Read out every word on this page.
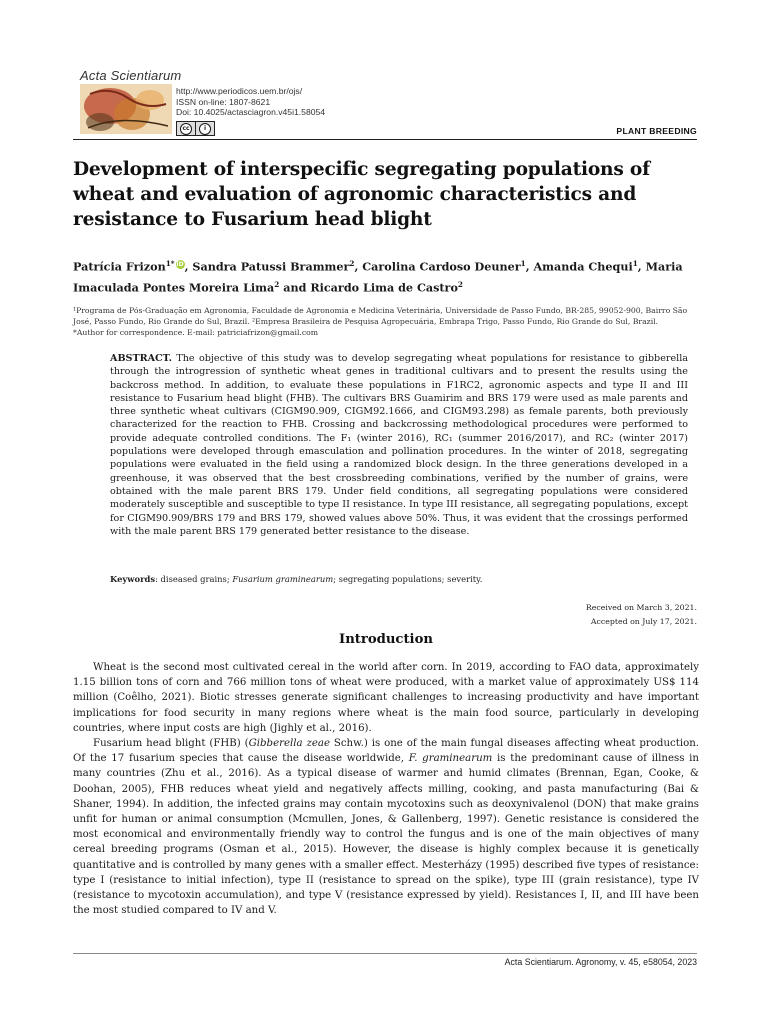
Acta Scientiarum
http://www.periodicos.uem.br/ojs/
ISSN on-line: 1807-8621
Doi: 10.4025/actasciagron.v45i1.58054
cc	i	PLANT BREEDING
Development of interspecific segregating populations of wheat and evaluation of agronomic characteristics and resistance to Fusarium head blight
Patrícia Frizon$^{1*}$ iD, Sandra Patussi Brammer$^2$, Carolina Cardoso Deuner$^1$, Amanda Chequi$^1$, Maria Imaculada Pontes Moreira Lima$^2$ and Ricardo Lima de Castro$^2$
¹Programa de Pós-Graduação em Agronomia, Faculdade de Agronomia e Medicina Veterinária, Universidade de Passo Fundo, BR-285, 99052-900, Bairro São José, Passo Fundo, Rio Grande do Sul, Brazil. ²Empresa Brasileira de Pesquisa Agropecuária, Embrapa Trigo, Passo Fundo, Rio Grande do Sul, Brazil.
*Author for correspondence. E-mail: patriciafrizon@gmail.com

ABSTRACT. The objective of this study was to develop segregating wheat populations for resistance to gibberella through the introgression of synthetic wheat genes in traditional cultivars and to present the results using the backcross method. In addition, to evaluate these populations in F1RC2, agronomic aspects and type II and III resistance to Fusarium head blight (FHB). The cultivars BRS Guamirim and BRS 179 were used as male parents and three synthetic wheat cultivars (CIGM90.909, CIGM92.1666, and CIGM93.298) as female parents, both previously characterized for the reaction to FHB. Crossing and backcrossing methodological procedures were performed to provide adequate controlled conditions. The F₁ (winter 2016), RC₁ (summer 2016/2017), and RC₂ (winter 2017) populations were developed through emasculation and pollination procedures. In the winter of 2018, segregating populations were evaluated in the field using a randomized block design. In the three generations developed in a greenhouse, it was observed that the best crossbreeding combinations, verified by the number of grains, were obtained with the male parent BRS 179. Under field conditions, all segregating populations were considered moderately susceptible and susceptible to type II resistance. In type III resistance, all segregating populations, except for CIGM90.909/BRS 179 and BRS 179, showed values above 50%. Thus, it was evident that the crossings performed with the male parent BRS 179 generated better resistance to the disease.

Keywords: diseased grains; Fusarium graminearum; segregating populations; severity.
Received on March 3, 2021.
Accepted on July 17, 2021.
Introduction

Wheat is the second most cultivated cereal in the world after corn. In 2019, according to FAO data, approximately 1.15 billion tons of corn and 766 million tons of wheat were produced, with a market value of approximately US$ 114 million (Coêlho, 2021). Biotic stresses generate significant challenges to increasing productivity and have important implications for food security in many regions where wheat is the main food source, particularly in developing countries, where input costs are high (Jighly et al., 2016).

Fusarium head blight (FHB) (Gibberella zeae Schw.) is one of the main fungal diseases affecting wheat production. Of the 17 fusarium species that cause the disease worldwide, F. graminearum is the predominant cause of illness in many countries (Zhu et al., 2016). As a typical disease of warmer and humid climates (Brennan, Egan, Cooke, & Doohan, 2005), FHB reduces wheat yield and negatively affects milling, cooking, and pasta manufacturing (Bai & Shaner, 1994). In addition, the infected grains may contain mycotoxins such as deoxynivalenol (DON) that make grains unfit for human or animal consumption (Mcmullen, Jones, & Gallenberg, 1997). Genetic resistance is considered the most economical and environmentally friendly way to control the fungus and is one of the main objectives of many cereal breeding programs (Osman et al., 2015). However, the disease is highly complex because it is genetically quantitative and is controlled by many genes with a smaller effect. Mesterházy (1995) described five types of resistance: type I (resistance to initial infection), type II (resistance to spread on the spike), type III (grain resistance), type IV (resistance to mycotoxin accumulation), and type V (resistance expressed by yield). Resistances I, II, and III have been the most studied compared to IV and V.

Acta Scientiarum. Agronomy, v. 45, e58054, 2023
